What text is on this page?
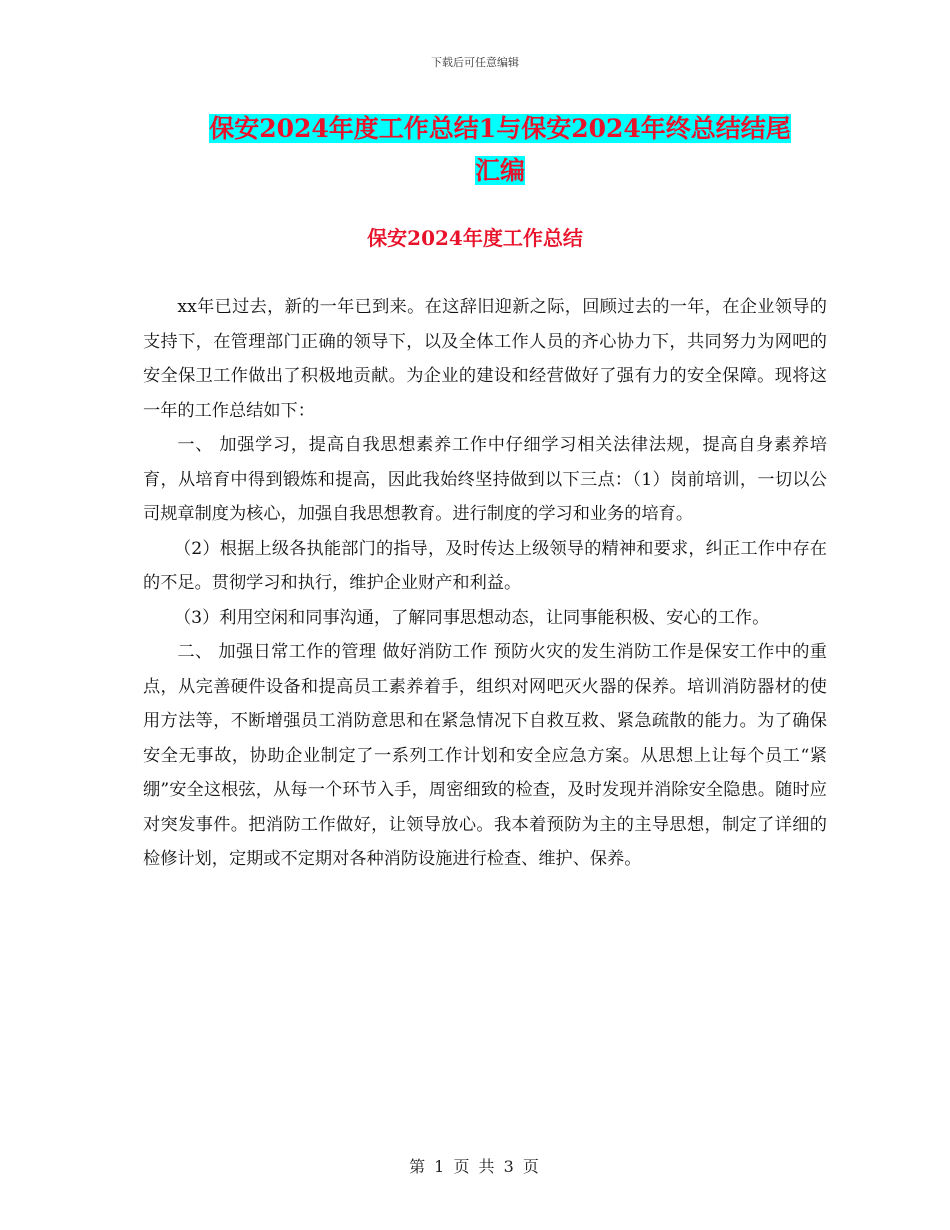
下载后可任意编辑
保安2024年度工作总结1与保安2024年终总结结尾
汇编
保安2024年度工作总结

xx年已过去，新的一年已到来。在这辞旧迎新之际，回顾过去的一年，在企业领导的支持下，在管理部门正确的领导下，以及全体工作人员的齐心协力下，共同努力为网吧的安全保卫工作做出了积极地贡献。为企业的建设和经营做好了强有力的安全保障。现将这一年的工作总结如下：

一、 加强学习，提高自我思想素养工作中仔细学习相关法律法规，提高自身素养培育，从培育中得到锻炼和提高，因此我始终坚持做到以下三点：（1）岗前培训，一切以公司规章制度为核心，加强自我思想教育。进行制度的学习和业务的培育。

（2）根据上级各执能部门的指导，及时传达上级领导的精神和要求，纠正工作中存在的不足。贯彻学习和执行，维护企业财产和利益。

（3）利用空闲和同事沟通，了解同事思想动态，让同事能积极、安心的工作。

二、 加强日常工作的管理 做好消防工作 预防火灾的发生消防工作是保安工作中的重点，从完善硬件设备和提高员工素养着手，组织对网吧灭火器的保养。培训消防器材的使用方法等，不断增强员工消防意思和在紧急情况下自救互救、紧急疏散的能力。为了确保安全无事故，协助企业制定了一系列工作计划和安全应急方案。从思想上让每个员工“紧绷”安全这根弦，从每一个环节入手，周密细致的检查，及时发现并消除安全隐患。随时应对突发事件。把消防工作做好，让领导放心。我本着预防为主的主导思想，制定了详细的检修计划，定期或不定期对各种消防设施进行检查、维护、保养。

第 1 页 共 3 页
